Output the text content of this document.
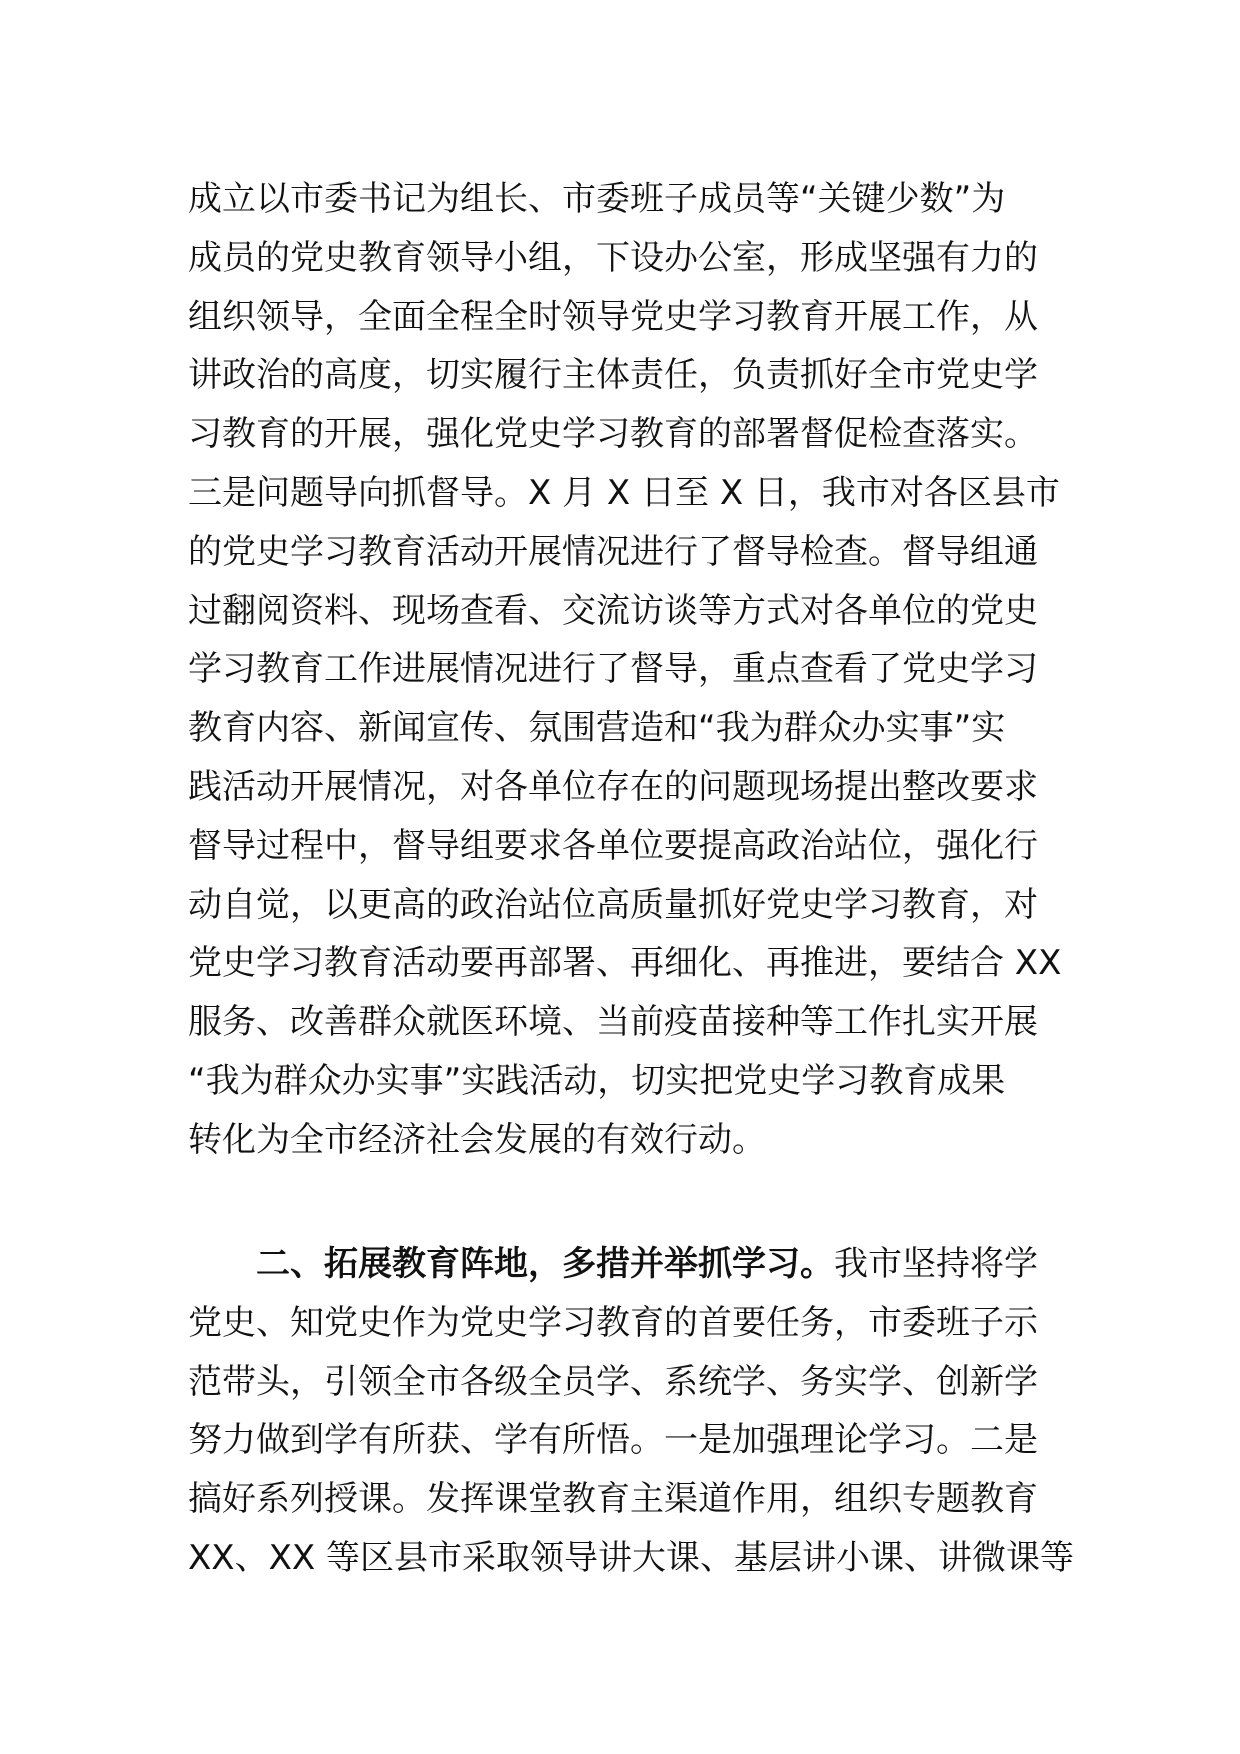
成立以市委书记为组长、市委班子成员等“关键少数”为
成员的党史教育领导小组，下设办公室，形成坚强有力的
组织领导，全面全程全时领导党史学习教育开展工作，从
讲政治的高度，切实履行主体责任，负责抓好全市党史学
习教育的开展，强化党史学习教育的部署督促检查落实。
三是问题导向抓督导。X 月 X 日至 X 日，我市对各区县市
的党史学习教育活动开展情况进行了督导检查。督导组通
过翻阅资料、现场查看、交流访谈等方式对各单位的党史
学习教育工作进展情况进行了督导，重点查看了党史学习
教育内容、新闻宣传、氛围营造和“我为群众办实事”实
践活动开展情况，对各单位存在的问题现场提出整改要求
督导过程中，督导组要求各单位要提高政治站位，强化行
动自觉，以更高的政治站位高质量抓好党史学习教育，对
党史学习教育活动要再部署、再细化、再推进，要结合 XX
服务、改善群众就医环境、当前疫苗接种等工作扎实开展
“我为群众办实事”实践活动，切实把党史学习教育成果
转化为全市经济社会发展的有效行动。
二、拓展教育阵地，多措并举抓学习。我市坚持将学
党史、知党史作为党史学习教育的首要任务，市委班子示
范带头，引领全市各级全员学、系统学、务实学、创新学
努力做到学有所获、学有所悟。一是加强理论学习。二是
搞好系列授课。发挥课堂教育主渠道作用，组织专题教育
XX、XX 等区县市采取领导讲大课、基层讲小课、讲微课等
